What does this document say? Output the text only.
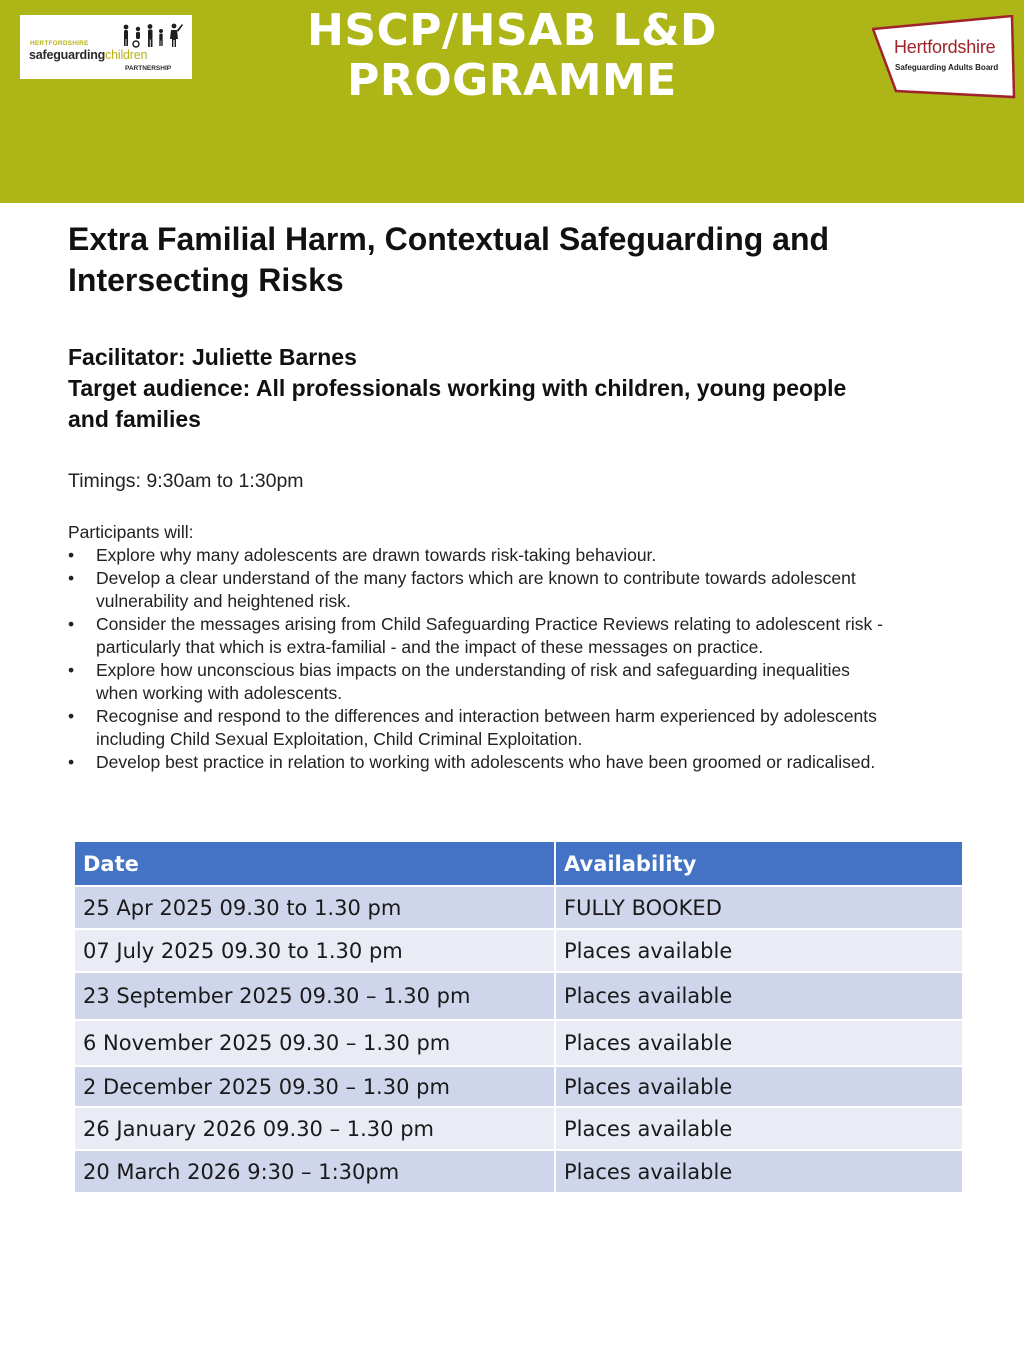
HSCP/HSAB L&D
PROGRAMME
HERTFORDSHIRE
safeguardingchildren
PARTNERSHIP
Hertfordshire
Safeguarding Adults Board
Extra Familial Harm, Contextual Safeguarding and
Intersecting Risks
Facilitator: Juliette Barnes
Target audience: All professionals working with children, young people
and families
Timings: 9:30am to 1:30pm
Participants will:
• Explore why many adolescents are drawn towards risk-taking behaviour.
• Develop a clear understand of the many factors which are known to contribute towards adolescent
vulnerability and heightened risk.
• Consider the messages arising from Child Safeguarding Practice Reviews relating to adolescent risk -
particularly that which is extra-familial - and the impact of these messages on practice.
• Explore how unconscious bias impacts on the understanding of risk and safeguarding inequalities
when working with adolescents.
• Recognise and respond to the differences and interaction between harm experienced by adolescents
including Child Sexual Exploitation, Child Criminal Exploitation.
• Develop best practice in relation to working with adolescents who have been groomed or radicalised.
Date	Availability
25 Apr 2025 09.30 to 1.30 pm	FULLY BOOKED
07 July 2025 09.30 to 1.30 pm	Places available
23 September 2025 09.30 – 1.30 pm	Places available
6 November 2025 09.30 – 1.30 pm	Places available
2 December 2025 09.30 – 1.30 pm	Places available
26 January 2026 09.30 – 1.30 pm	Places available
20 March 2026 9:30 – 1:30pm	Places available
